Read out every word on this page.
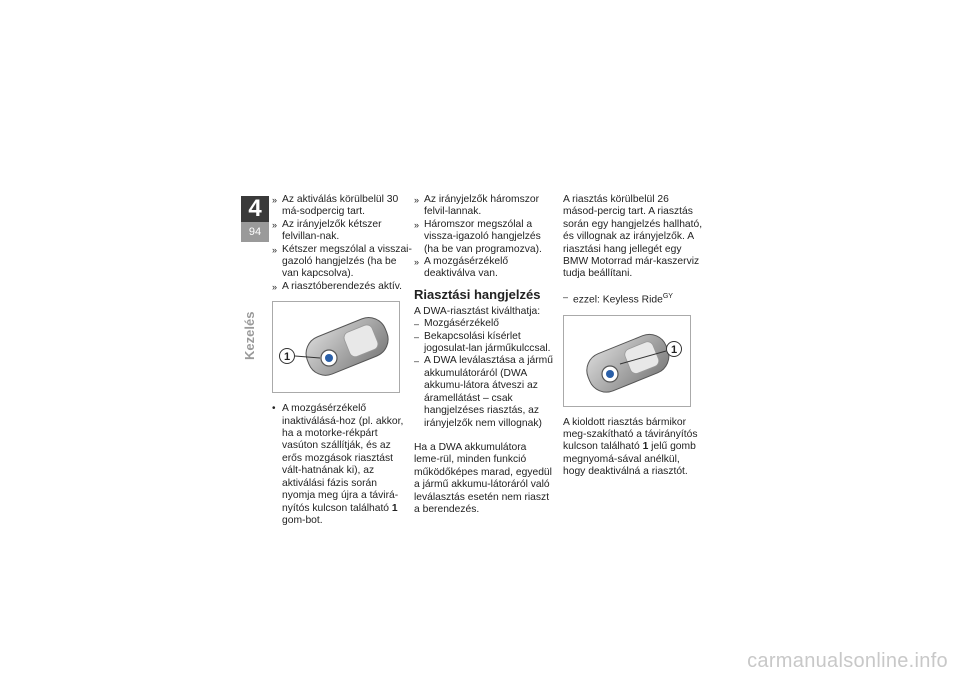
4
94
Kezelés

» Az aktiválás körülbelül 30 má-sodpercig tart.

» Az irányjelzők kétszer felvillan-nak.

» Kétszer megszólal a visszai-gazoló hangjelzés (ha be van kapcsolva).

» A riasztóberendezés aktív.

1

• A mozgásérzékelő inaktiválásá-hoz (pl. akkor, ha a motorke-rékpárt vasúton szállítják, és az erős mozgások riasztást vált-hatnának ki), az aktiválási fázis során nyomja meg újra a távirá-nyítós kulcson található 1 gom-bot.

» Az irányjelzők háromszor felvil-lannak.

» Háromszor megszólal a vissza-igazoló hangjelzés (ha be van programozva).

» A mozgásérzékelő deaktiválva van.

Riasztási hangjelzés

A DWA-riasztást kiválthatja:

– Mozgásérzékelő

– Bekapcsolási kísérlet jogosulat-lan járműkulccsal.

– A DWA leválasztása a jármű akkumulátoráról (DWA akkumu-látora átveszi az áramellátást – csak hangjelzéses riasztás, az irányjelzők nem villognak)

Ha a DWA akkumulátora leme-rül, minden funkció működőképes marad, egyedül a jármű akkumu-látoráról való leválasztás esetén nem riaszt a berendezés.

A riasztás körülbelül 26 másod-percig tart. A riasztás során egy hangjelzés hallható, és villognak az irányjelzők. A riasztási hang jellegét egy BMW Motorrad már-kaszerviz tudja beállítani.

– ezzel: Keyless Ride$^{GY}$

1

A kioldott riasztás bármikor meg-szakítható a távirányítós kulcson található 1 jelű gomb megnyomá-sával anélkül, hogy deaktiválná a riasztót.

carmanualsonline.info
